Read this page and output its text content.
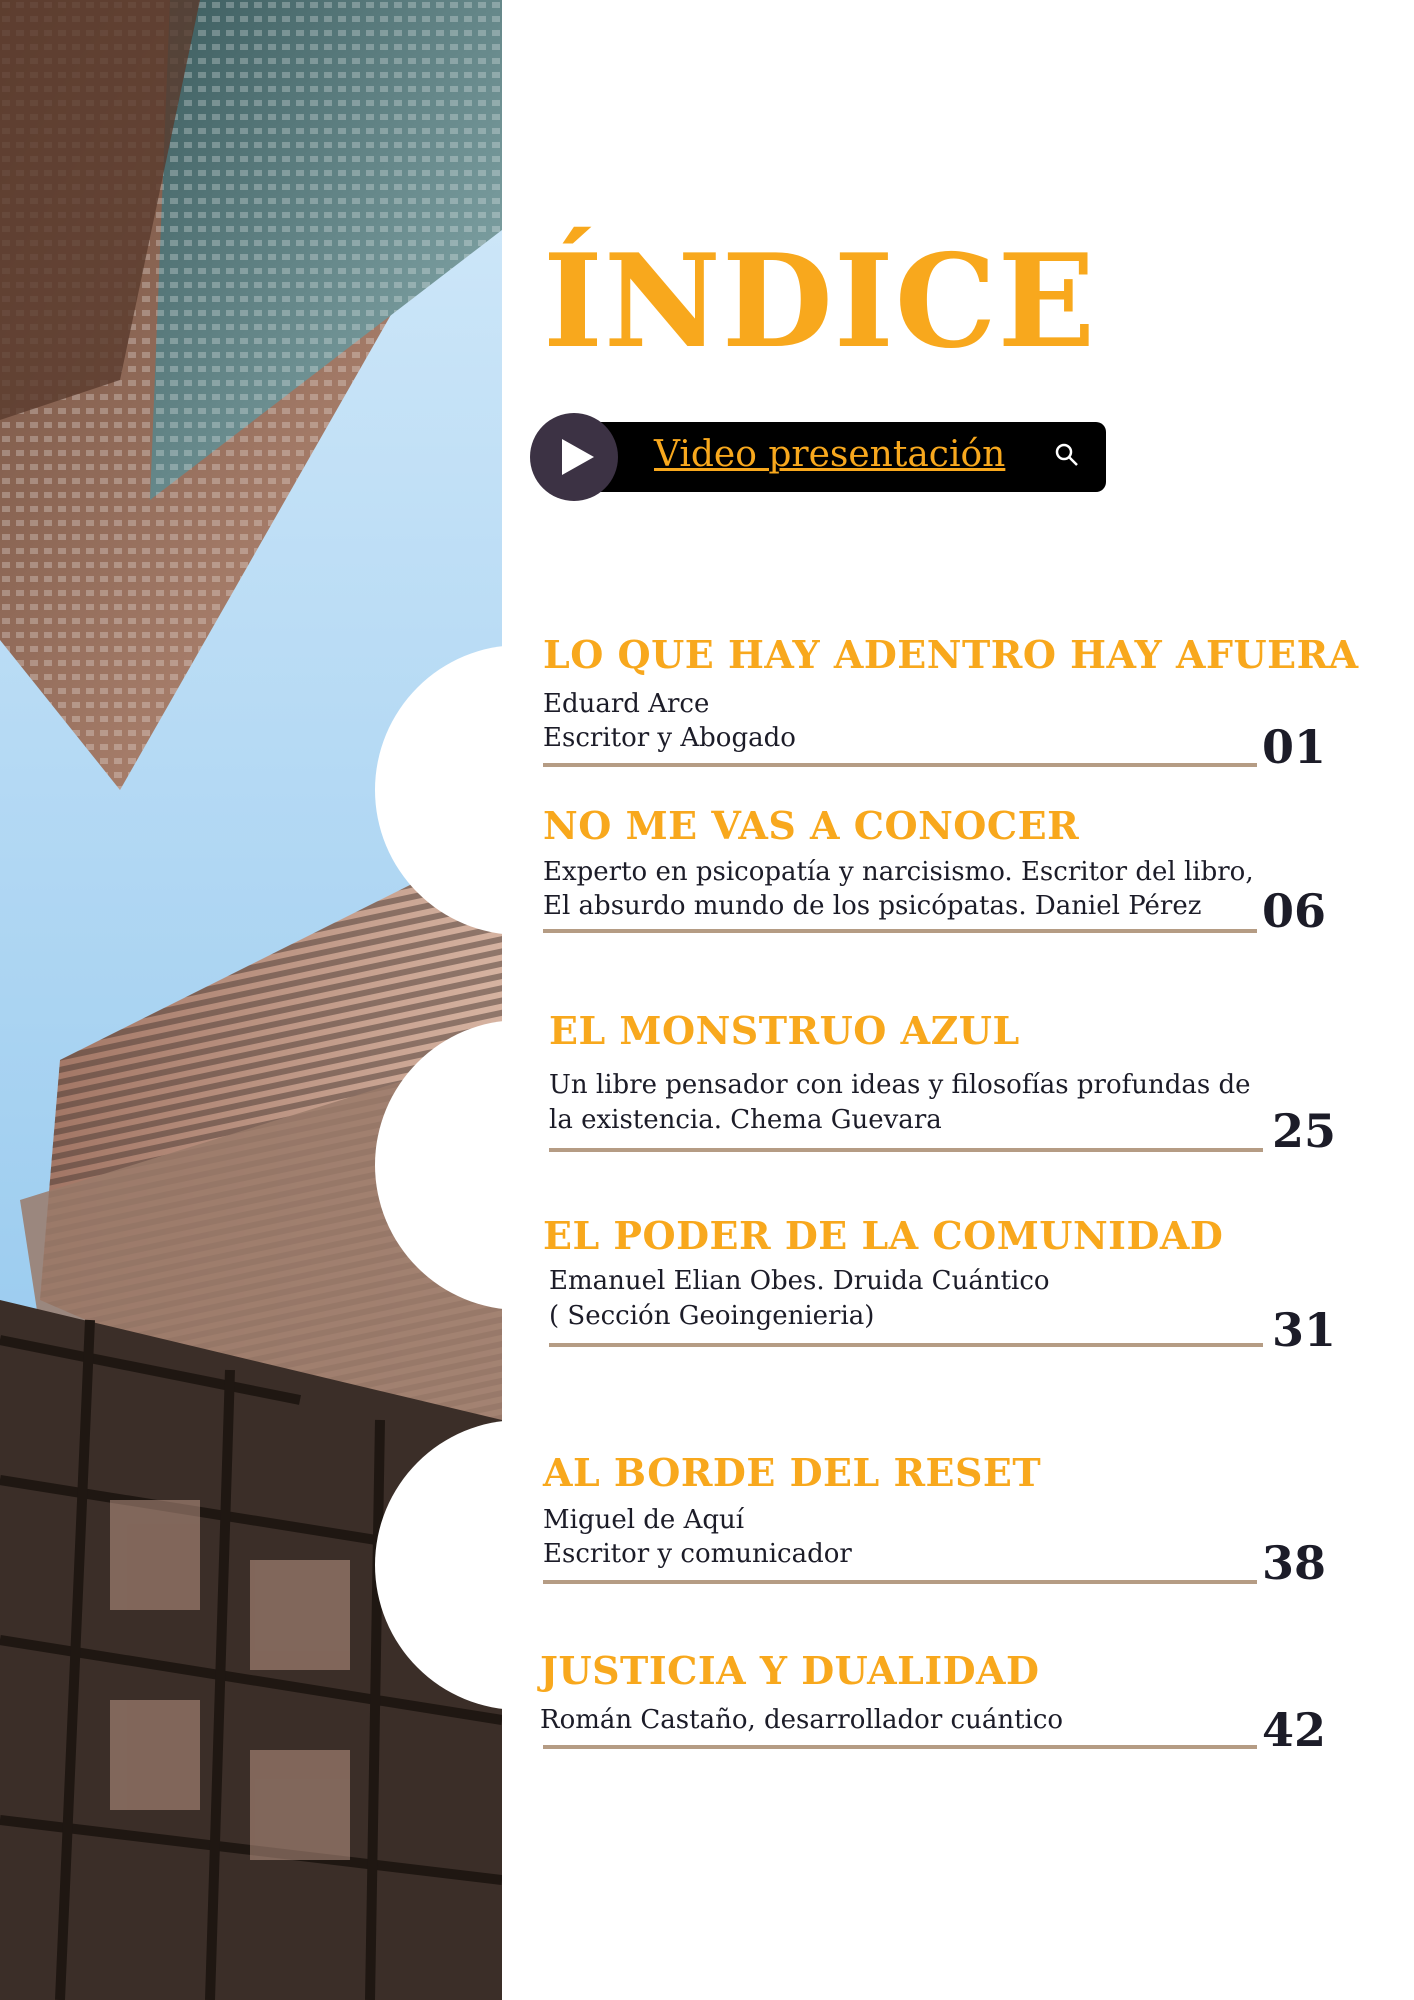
ÍNDICE
Video presentación
LO QUE HAY ADENTRO HAY AFUERA
Eduard Arce
Escritor y Abogado	01
NO ME VAS A CONOCER
Experto en psicopatía y narcisismo. Escritor del libro,
El absurdo mundo de los psicópatas. Daniel Pérez 06
EL MONSTRUO AZUL
Un libre pensador con ideas y filosofías profundas de
la existencia. Chema Guevara	25
EL PODER DE LA COMUNIDAD
Emanuel Elian Obes. Druida Cuántico
( Sección Geoingenieria)	31
AL BORDE DEL RESET
Miguel de Aquí
Escritor y comunicador	38
JUSTICIA Y DUALIDAD
Román Castaño, desarrollador cuántico	42
